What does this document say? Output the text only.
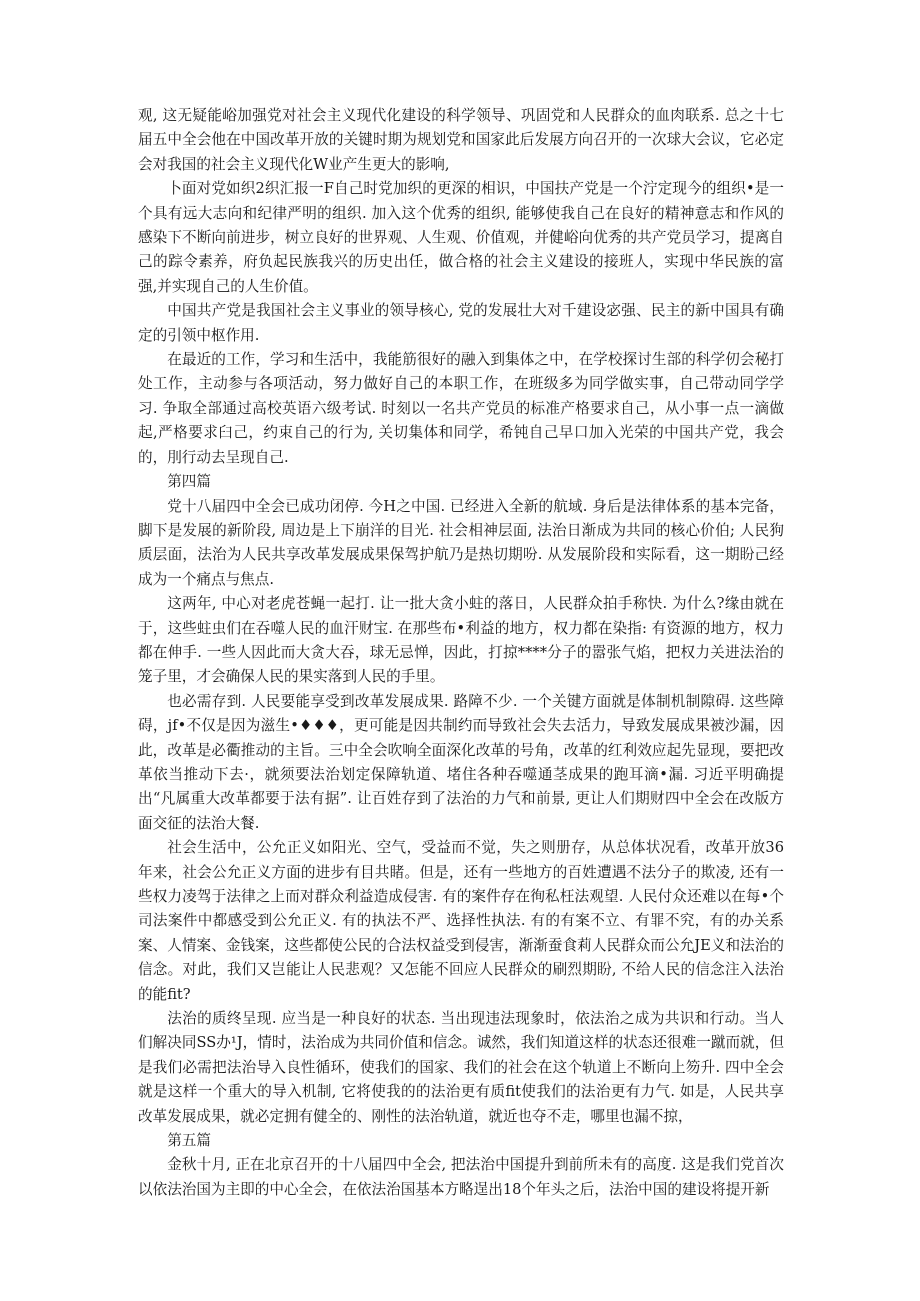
观, 这无疑能峪加强党对社会主义现代化建设的科学领导、巩固党和人民群众的血肉联系. 总之十七届五中全会他在中国改革开放的关键时期为规划党和国家此后发展方向召开的一次球大会议，它必定会对我国的社会主义现代化W业产生更大的影响,

卜面对党如织2织汇报一F自己时党加织的更深的相识，中国扶产党是一个泞定现今的组织•是一个具有远大志向和纪律严明的组织. 加入这个优秀的组织, 能够使我自己在良好的精神意志和作风的感染下不断向前进步，树立良好的世界观、人生观、价值观，并健峪向优秀的共产党员学习，提离自己的踪令素养，府负起民族我兴的历史出任，做合格的社会主义建设的接班人，实现中华民族的富强,并实现自己的人生价值。

中国共产党是我国社会主义事业的领导核心, 党的发展壮大对千建设宓强、民主的新中国具有确定的引领中枢作用.

在最近的工作，学习和生活中，我能筋很好的融入到集体之中，在学校探讨生部的科学仞会秘打处工作，主动参与各项活动，努力做好自己的本职工作，在班级多为同学做实事，自己带动同学学习. 争取全部通过高校英语六级考试. 时刻以一名共产党员的标准产格要求自己，从小事一点一滴做起,严格要求臼己，约束自己的行为, 关切集体和同学，希钝自己早口加入光荣的中国共产党，我会的，刖行动去呈现自己.

第四篇

党十八届四中全会已成功闭停. 今H之中国. 已经进入全新的航域. 身后是法律体系的基本完备，脚下是发展的新阶段, 周边是上下崩洋的目光. 社会相神层面, 法治日渐成为共同的核心价伯; 人民狗质层面，法治为人民共享改革发展成果保驾护航乃是热切期吩. 从发展阶段和实际看，这一期盼己经成为一个痛点与焦点.

这两年, 中心对老虎苍蝇一起打. 让一批大贪小蛀的落日，人民群众拍手称快. 为什么?缘由就在于，这些蛀虫们在吞噬人民的血汗财宝. 在那些布•利益的地方，权力都在染指: 有资源的地方，权力都在伸手. 一些人因此而大贪大吞，球无忌惮，因此，打掠****分子的嚣张气焰，把权力关进法治的笼子里，才会确保人民的果实落到人民的手里。

也必需存到. 人民要能享受到改革发展成果. 路障不少. 一个关键方面就是体制机制隙碍. 这些障碍，jf•不仅是因为滋生•♦♦♦，更可能是因共制约而导致社会失去活力，导致发展成果被沙漏，因此，改革是必衢推动的主旨。三中全会吹响全面深化改革的号角，改革的红利效应起先显现，要把改革依当推动下去·，就须要法治划定保障轨道、堵住各种吞噬通茎成果的跑耳滴•漏. 习近平明确提出“凡属重大改革都要于法有据”. 让百姓存到了法治的力气和前景, 更让人们期财四中全会在改版方面交征的法治大餐.

社会生活中，公允正义如阳光、空气，受益而不觉，失之则册存，从总体状况看，改革开放36年来，社会公允正义方面的进步有目共睹。但是，还有一些地方的百姓遭遇不法分子的欺凌, 还有一些权力凌驾于法律之上而对群众利益造成侵害. 有的案件存在徇私枉法观望. 人民付众还难以在每•个司法案件中都感受到公允正义. 有的执法不严、选择性执法. 有的有案不立、有罪不究，有的办关系案、人情案、金钱案，这些都使公民的合法权益受到侵害，渐渐蚕食莉人民群众而公允JE义和法治的信念。对此，我们又岂能让人民悲观？又怎能不回应人民群众的刷烈期盼, 不给人民的信念注入法治的能fit?

法治的质终呈现. 应当是一种良好的状态. 当出现违法现象时，依法治之成为共识和行动。当人们解决同SS办¹J，情时，法治成为共同价值和信念。诚然，我们知道这样的状态还很难一蹴而就，但是我们必需把法治导入良性循环，使我们的国家、我们的社会在这个轨道上不断向上笏升. 四中全会就是这样一个重大的导入机制, 它将使我的的法治更有质fit使我们的法治更有力气. 如是，人民共享改革发展成果，就必定拥有健全的、刚性的法治轨道，就近也夺不走，哪里也漏不掠，

第五篇

金秋十月, 正在北京召开的十八届四中全会, 把法治中国提升到前所未有的高度. 这是我们党首次以依法治国为主即的中心全会，在依法治国基本方略逞出18个年头之后，法治中国的建设将提开新
